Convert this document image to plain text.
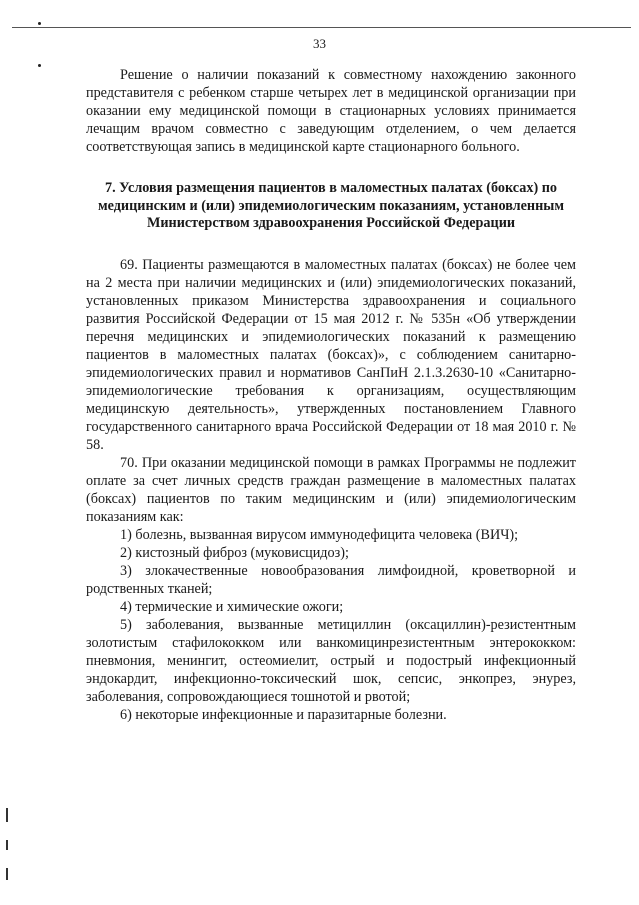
33

Решение о наличии показаний к совместному нахождению законного представителя с ребенком старше четырех лет в медицинской организации при оказании ему медицинской помощи в стационарных условиях принимается лечащим врачом совместно с заведующим отделением, о чем делается соответствующая запись в медицинской карте стационарного больного.

7. Условия размещения пациентов в маломестных палатах (боксах) по медицинским и (или) эпидемиологическим показаниям, установленным Министерством здравоохранения Российской Федерации

69. Пациенты размещаются в маломестных палатах (боксах) не более чем на 2 места при наличии медицинских и (или) эпидемиологических показаний, установленных приказом Министерства здравоохранения и социального развития Российской Федерации от 15 мая 2012 г. № 535н «Об утверждении перечня медицинских и эпидемиологических показаний к размещению пациентов в маломестных палатах (боксах)», с соблюдением санитарно-эпидемиологических правил и нормативов СанПиН 2.1.3.2630-10 «Санитарно-эпидемиологические требования к организациям, осуществляющим медицинскую деятельность», утвержденных постановлением Главного государственного санитарного врача Российской Федерации от 18 мая 2010 г. № 58.

70. При оказании медицинской помощи в рамках Программы не подлежит оплате за счет личных средств граждан размещение в маломестных палатах (боксах) пациентов по таким медицинским и (или) эпидемиологическим показаниям как:

1) болезнь, вызванная вирусом иммунодефицита человека (ВИЧ);

2) кистозный фиброз (муковисцидоз);

3) злокачественные новообразования лимфоидной, кроветворной и родственных тканей;

4) термические и химические ожоги;

5) заболевания, вызванные метициллин (оксациллин)-резистентным золотистым стафилококком или ванкомицинрезистентным энтерококком: пневмония, менингит, остеомиелит, острый и подострый инфекционный эндокардит, инфекционно-токсический шок, сепсис, энкопрез, энурез, заболевания, сопровождающиеся тошнотой и рвотой;

6) некоторые инфекционные и паразитарные болезни.
